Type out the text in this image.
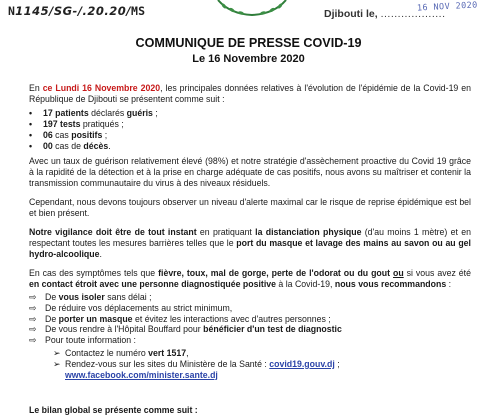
N1145/SG-/.20.20/MS	Djibouti le, ...................
16 NOV 2020
COMMUNIQUE DE PRESSE COVID-19
Le 16 Novembre 2020

En ce Lundi 16 Novembre 2020, les principales données relatives à l'évolution de l'épidémie de la Covid-19 en République de Djibouti se présentent comme suit :

• 17 patients déclarés guéris ;
• 197 tests pratiqués ;
• 06 cas positifs ;
• 00 cas de décès.

Avec un taux de guérison relativement élevé (98%) et notre stratégie d'assèchement proactive du Covid 19 grâce à la rapidité de la détection et à la prise en charge adéquate de cas positifs, nous avons su maîtriser et contenir la transmission communautaire du virus à des niveaux résiduels.

Cependant, nous devons toujours observer un niveau d'alerte maximal car le risque de reprise épidémique est bel et bien présent.

Notre vigilance doit être de tout instant en pratiquant la distanciation physique (d'au moins 1 mètre) et en respectant toutes les mesures barrières telles que le port du masque et lavage des mains au savon ou au gel hydro-alcoolique.

En cas des symptômes tels que fièvre, toux, mal de gorge, perte de l'odorat ou du gout ou si vous avez été en contact étroit avec une personne diagnostiquée positive à la Covid-19, nous vous recommandons :

⇨ De vous isoler sans délai ;
⇨ De réduire vos déplacements au strict minimum,
⇨ De porter un masque et évitez les interactions avec d'autres personnes ;
⇨ De vous rendre à l'Hôpital Bouffard pour bénéficier d'un test de diagnostic
⇨ Pour toute information :
➢ Contactez le numéro vert 1517,
➢ Rendez-vous sur les sites du Ministère de la Santé : covid19.gouv.dj ;
www.facebook.com/minister.sante.dj
Le bilan global se présente comme suit :
